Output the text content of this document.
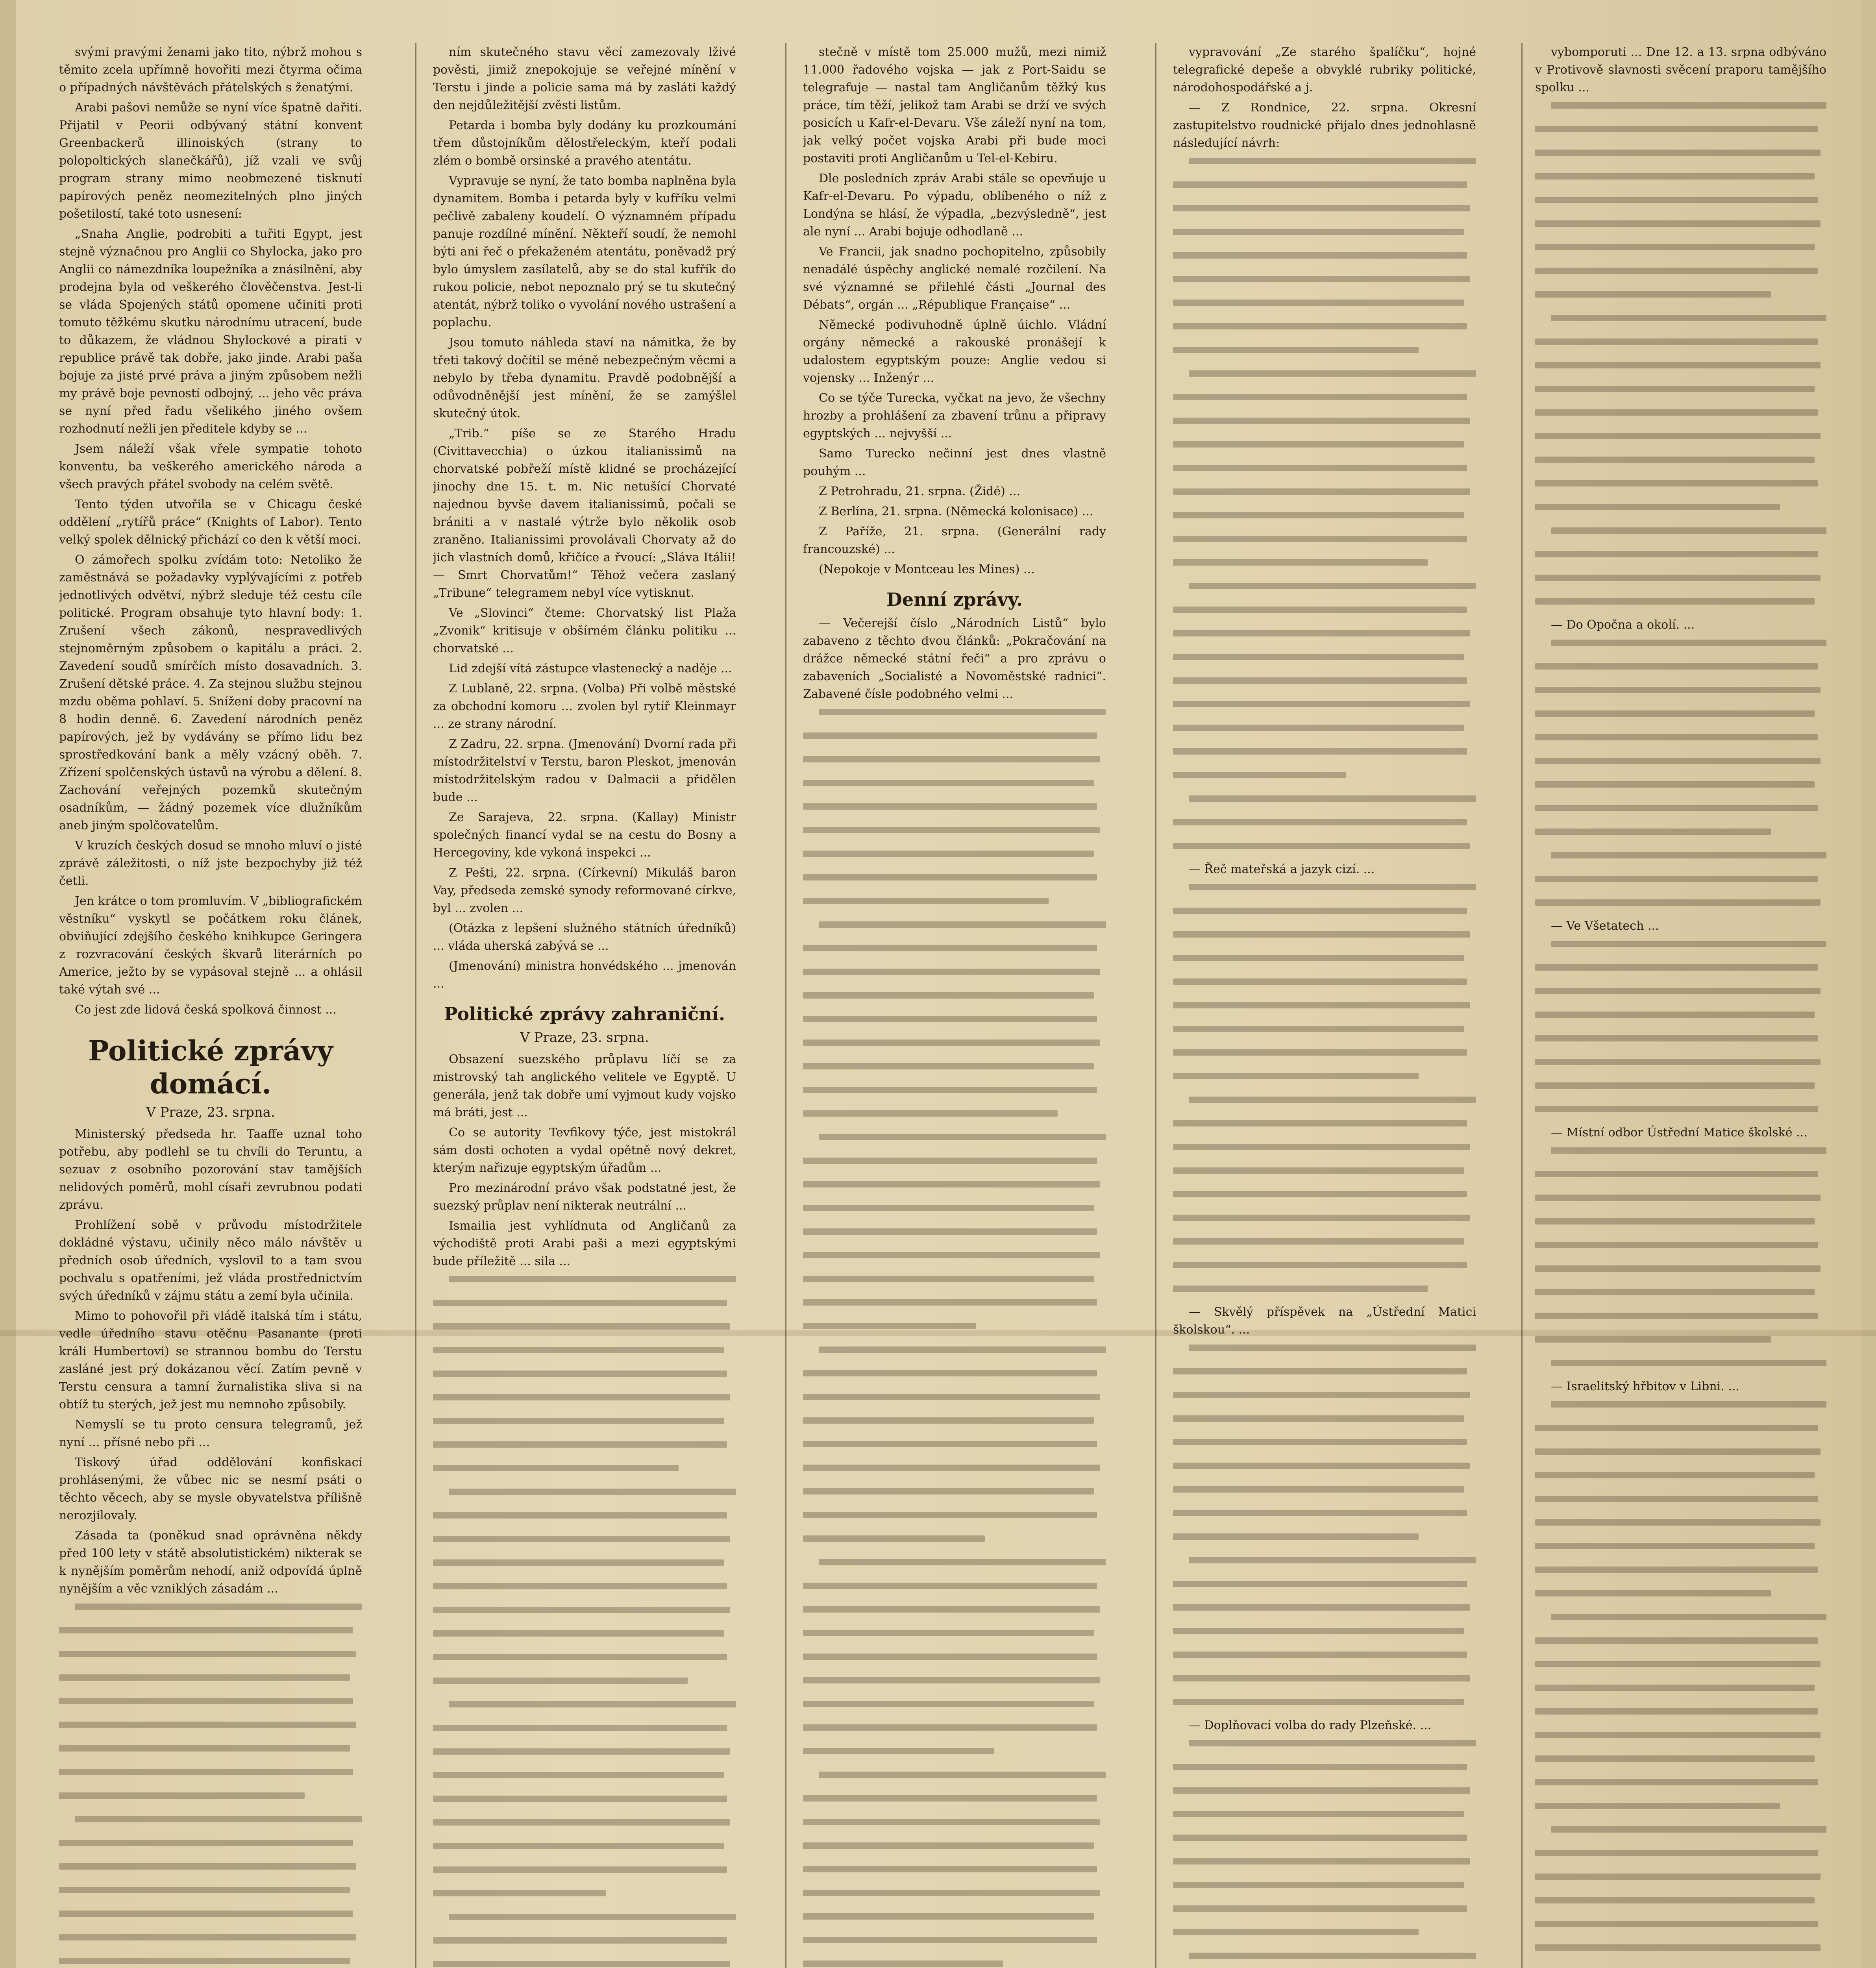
svými pravými ženami jako tito, nýbrž mohou s těmito zcela upřímně hovořiti mezi čtyrma očima o případných návštěvách přátelských s ženatými.

Arabi pašovi nemůže se nyní více špatně dařiti. Přijatil v Peorii odbývaný státní konvent Greenbackerů illinoiských (strany to polopoltických slanečkářů), jíž vzali ve svůj program strany mimo neobmezené tisknutí papírových peněz neomezitelných plno jiných pošetilostí, také toto usnesení:

„Snaha Anglie, podrobiti a tuřiti Egypt, jest stejně význačnou pro Anglii co Shylocka, jako pro Anglii co námezdníka loupežníka a znásilnění, aby prodejna byla od veškerého člověčenstva. Jest-li se vláda Spojených států opomene učiniti proti tomuto těžkému skutku národnímu utracení, bude to důkazem, že vládnou Shylockové a pirati v republice právě tak dobře, jako jinde. Arabi paša bojuje za jisté prvé práva a jiným způsobem nežli my právě boje pevností odbojný, ... jeho věc práva se nyní před řadu všelikého jiného ovšem rozhodnutí nežli jen předitele kdyby se ...

Jsem náleží však vřele sympatie tohoto konventu, ba veškerého amerického národa a všech pravých přátel svobody na celém světě.

Tento týden utvořila se v Chicagu české oddělení „rytířů práce“ (Knights of Labor). Tento velký spolek dělnický přichází co den k větší moci.

O zámořech spolku zvídám toto: Netoliko že zaměstnává se požadavky vyplývajícími z potřeb jednotlivých odvětví, nýbrž sleduje též cestu cíle politické. Program obsahuje tyto hlavní body: 1. Zrušení všech zákonů, nespravedlivých stejnoměrným způsobem o kapitálu a práci. 2. Zavedení soudů smírčích místo dosavadních. 3. Zrušení dětské práce. 4. Za stejnou službu stejnou mzdu oběma pohlaví. 5. Snížení doby pracovní na 8 hodin denně. 6. Zavedení národních peněz papírových, jež by vydávány se přímo lidu bez sprostředkování bank a měly vzácný oběh. 7. Zřízení spolčenských ústavů na výrobu a dělení. 8. Zachování veřejných pozemků skutečným osadníkům, — žádný pozemek více dlužníkům aneb jiným spolčovatelům.

V kruzích českých dosud se mnoho mluví o jisté zprávě záležitosti, o níž jste bezpochyby již též četli.

Jen krátce o tom promluvím. V „bibliografickém věstníku“ vyskytl se počátkem roku článek, obviňující zdejšího českého knihkupce Geringera z rozvracování českých škvarů literárních po Americe, ježto by se vypásoval stejně ... a ohlásil také výtah své ...

Co jest zde lidová česká spolková činnost ...

Politické zprávy domácí.
V Praze, 23. srpna.

Ministerský předseda hr. Taaffe uznal toho potřebu, aby podlehl se tu chvíli do Teruntu, a sezuav z osobního pozorování stav tamějších nelidových poměrů, mohl císaři zevrubnou podati zprávu.

Prohlížení sobě v průvodu místodržitele dokládné výstavu, učinily něco málo návštěv u předních osob úředních, vyslovil to a tam svou pochvalu s opatřeními, jež vláda prostřednictvím svých úředníků v zájmu státu a zemí byla učinila.

Mimo to pohovořil při vládě italská tím i státu, vedle úředního stavu otěčnu Pasanante (proti králi Humbertovi) se strannou bombu do Terstu zasláné jest prý dokázanou věcí. Zatím pevně v Terstu censura a tamní žurnalistika sliva si na obtíž tu sterých, jež jest mu nemnoho způsobily.

Nemyslí se tu proto censura telegramů, jež nyní ... přísné nebo při ...

Tiskový úřad oddělování konfiskací prohlásenými, že vůbec nic se nesmí psáti o těchto věcech, aby se mysle obyvatelstva přílišně nerozjilovaly.

Zásada ta (poněkud snad oprávněna někdy před 100 lety v státě absolutistickém) nikterak se k nynějším poměrům nehodí, aniž odpovídá úplně nynějším a věc vzniklých zásadám ...

ním skutečného stavu věcí zamezovaly lživé pověsti, jimiž znepokojuje se veřejné mínění v Terstu i jinde a policie sama má by zasláti každý den nejdůležitější zvěsti listům.

Petarda i bomba byly dodány ku prozkoumání třem důstojníkům dělostřeleckým, kteří podali zlém o bombě orsinské a pravého atentátu.

Vypravuje se nyní, že tato bomba naplněna byla dynamitem. Bomba i petarda byly v kufříku velmi pečlivě zabaleny koudelí. O významném případu panuje rozdílné mínění. Někteří soudí, že nemohl býti ani řeč o překaženém atentátu, poněvadž prý bylo úmyslem zasílatelů, aby se do stal kufřík do rukou policie, nebot nepoznalo prý se tu skutečný atentát, nýbrž toliko o vyvolání nového ustrašení a poplachu.

Jsou tomuto náhleda staví na námitka, že by třeti takový dočítil se méně nebezpečným věcmi a nebylo by třeba dynamitu. Pravdě podobnější a odůvodněnější jest mínění, že se zamýšlel skutečný útok.

„Trib.“ píše se ze Starého Hradu (Civittavecchia) o úzkou italianissimů na chorvatské pobřeží místě klidné se procházející jinochy dne 15. t. m. Nic netušící Chorvaté najednou byvše davem italianissimů, počali se brániti a v nastalé výtrže bylo několik osob zraněno. Italianissimi provolávali Chorvaty až do jich vlastních domů, křičíce a řvoucí: „Sláva Itálii! — Smrt Chorvatům!“ Těhož večera zaslaný „Tribune“ telegramem nebyl více vytisknut.

Ve „Slovinci“ čteme: Chorvatský list Plaža „Zvonik“ kritisuje v obšírném článku politiku ... chorvatské ...

Lid zdejší vítá zástupce vlastenecký a naděje ...

Z Lublaně, 22. srpna. (Volba) Při volbě městské za obchodní komoru ... zvolen byl rytíř Kleinmayr ... ze strany národní.

Z Zadru, 22. srpna. (Jmenování) Dvorní rada při místodržitelství v Terstu, baron Pleskot, jmenován místodržitelským radou v Dalmacii a přidělen bude ...

Ze Sarajeva, 22. srpna. (Kallay) Ministr společných financí vydal se na cestu do Bosny a Hercegoviny, kde vykoná inspekci ...

Z Pešti, 22. srpna. (Církevní) Mikuláš baron Vay, předseda zemské synody reformované církve, byl ... zvolen ...

(Otázka z lepšení služného státních úředníků) ... vláda uherská zabývá se ...

(Jmenování) ministra honvédského ... jmenován ...

Politické zprávy zahraniční.
V Praze, 23. srpna.

Obsazení suezského průplavu líčí se za mistrovský tah anglického velitele ve Egyptě. U generála, jenž tak dobře umí vyjmout kudy vojsko má bráti, jest ...

Co se autority Tevfikovy týče, jest mistokrál sám dosti ochoten a vydal opětně nový dekret, kterým nařizuje egyptským úřadům ...

Pro mezinárodní právo však podstatné jest, že suezský průplav není nikterak neutrální ...

Ismailia jest vyhlídnuta od Angličanů za východiště proti Arabi paši a mezi egyptskými bude příležitě ... sila ...

stečně v místě tom 25.000 mužů, mezi nimiž 11.000 řadového vojska — jak z Port-Saidu se telegrafuje — nastal tam Angličanům těžký kus práce, tím těží, jelikož tam Arabi se drží ve svých posicích u Kafr-el-Devaru. Vše záleží nyní na tom, jak velký počet vojska Arabi při bude moci postaviti proti Angličanům u Tel-el-Kebiru.

Dle posledních zpráv Arabi stále se opevňuje u Kafr-el-Devaru. Po výpadu, oblíbeného o níž z Londýna se hlásí, že výpadla, „bezvýsledně“, jest ale nyní ... Arabi bojuje odhodlaně ...

Ve Francii, jak snadno pochopitelno, způsobily nenadálé úspěchy anglické nemalé rozčilení. Na své významné se přilehlé části „Journal des Débats“, orgán ... „République Française“ ...

Německé podivuhodně úplně úichlo. Vládní orgány německé a rakouské pronášejí k udalostem egyptským pouze: Anglie vedou si vojensky ... Inženýr ...

Co se týče Turecka, vyčkat na jevo, že všechny hrozby a prohlášení za zbavení trůnu a připravy egyptských ... nejvyšší ...

Samo Turecko nečinní jest dnes vlastně pouhým ...

Z Petrohradu, 21. srpna. (Židé) ...

Z Berlína, 21. srpna. (Německá kolonisace) ...

Z Paříže, 21. srpna. (Generální rady francouzské) ...

(Nepokoje v Montceau les Mines) ...

Denní zprávy.

— Večerejší číslo „Národních Listů“ bylo zabaveno z těchto dvou článků: „Pokračování na drážce německé státní řeči“ a pro zprávu o zabaveních „Socialisté a Novoměstské radnici“. Zabavené čísle podobného velmi ...

vypravování „Ze starého špalíčku“, hojné telegrafické depeše a obvyklé rubriky politické, národohospodářské a j.

— Z Rondnice, 22. srpna. Okresní zastupitelstvo roudnické přijalo dnes jednohlasně následující návrh:

— Řeč mateřská a jazyk cizí. ...

— Skvělý příspěvek na „Ústřední Matici školskou“. ...

— Doplňovací volba do rady Plzeňské. ...

vybomporuti ... Dne 12. a 13. srpna odbýváno v Protivově slavnosti svěcení praporu tamějšího spolku ...

— Do Opočna a okolí. ...

— Ve Všetatech ...

— Místní odbor Ústřední Matice školské ...

— Israelitský hřbitov v Libni. ...
